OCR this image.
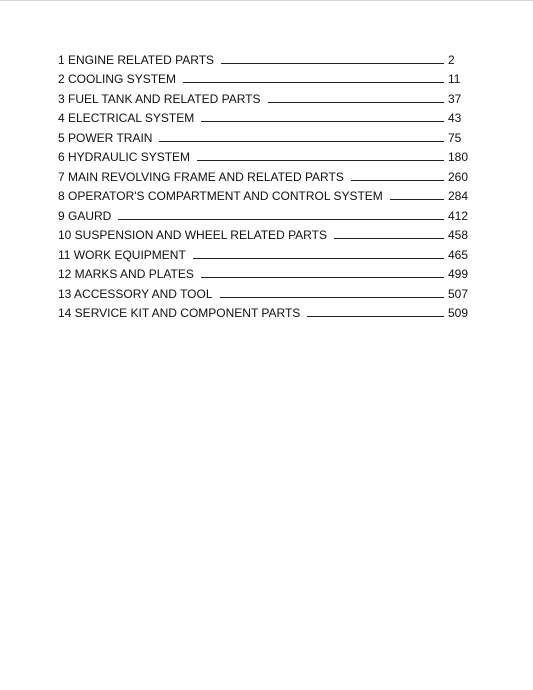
1 ENGINE RELATED PARTS	2
2 COOLING SYSTEM	11
3 FUEL TANK AND RELATED PARTS	37
4 ELECTRICAL SYSTEM	43
5 POWER TRAIN	75
6 HYDRAULIC SYSTEM	180
7 MAIN REVOLVING FRAME AND RELATED PARTS	260
8 OPERATOR'S COMPARTMENT AND CONTROL SYSTEM	284
9 GAURD	412
10 SUSPENSION AND WHEEL RELATED PARTS	458
11 WORK EQUIPMENT	465
12 MARKS AND PLATES	499
13 ACCESSORY AND TOOL	507
14 SERVICE KIT AND COMPONENT PARTS	509
